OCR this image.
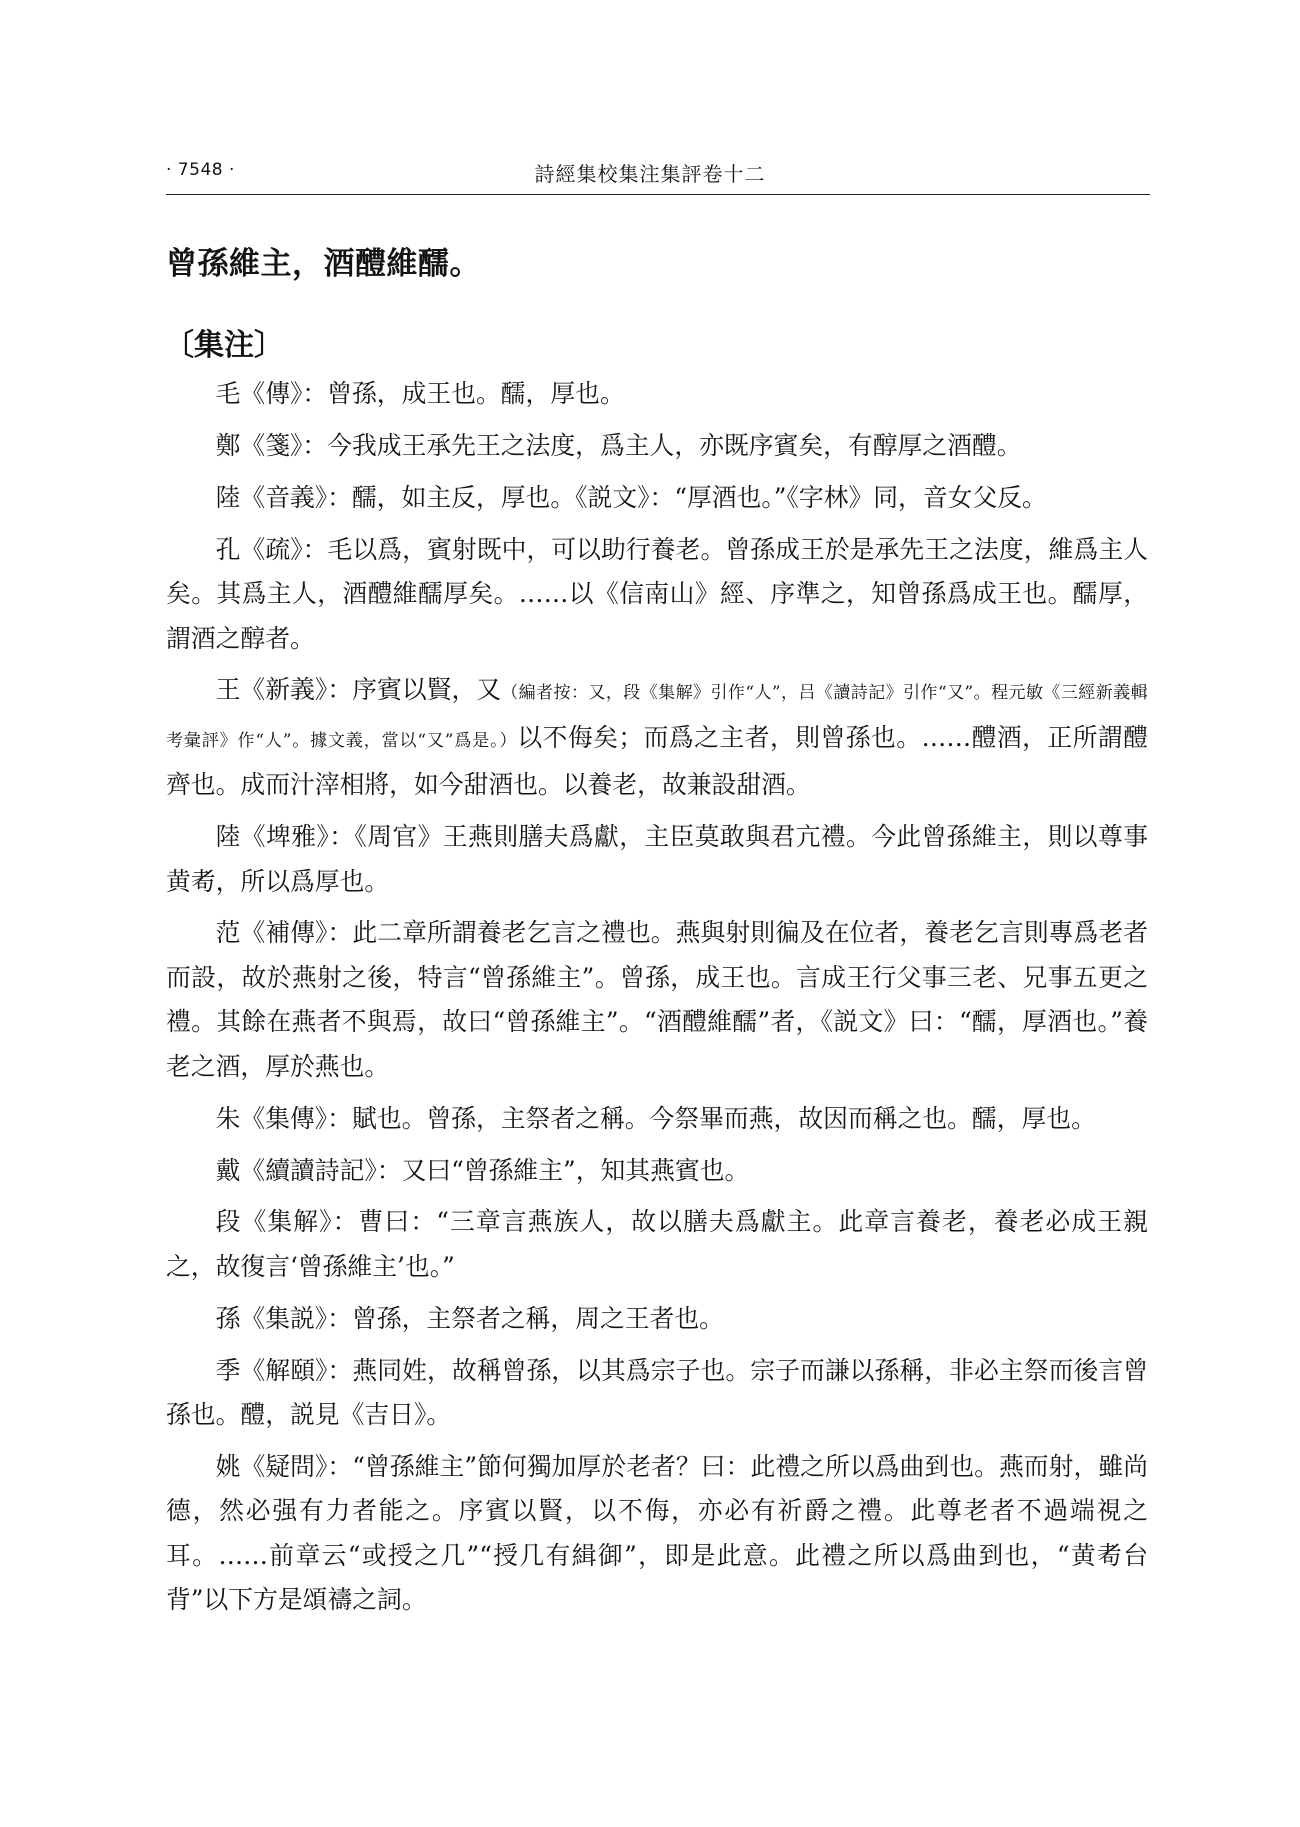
· 7548 ·	詩經集校集注集評卷十二
曾孫維主，酒醴維醹。
〔集注〕

毛《傳》：曾孫，成王也。醹，厚也。

鄭《箋》：今我成王承先王之法度，爲主人，亦既序賓矣，有醇厚之酒醴。

陸《音義》：醹，如主反，厚也。《説文》：“厚酒也。”《字林》同，音女父反。

孔《疏》：毛以爲，賓射既中，可以助行養老。曾孫成王於是承先王之法度，維爲主人矣。其爲主人，酒醴維醹厚矣。……以《信南山》經、序準之，知曾孫爲成王也。醹厚，謂酒之醇者。

王《新義》：序賓以賢，又（編者按：又，段《集解》引作“人”，吕《讀詩記》引作“又”。程元敏《三經新義輯考彙評》作“人”。據文義，當以“又”爲是。）以不侮矣；而爲之主者，則曾孫也。……醴酒，正所謂醴齊也。成而汁滓相將，如今甜酒也。以養老，故兼設甜酒。

陸《埤雅》：《周官》王燕則膳夫爲獻，主臣莫敢與君亢禮。今此曾孫維主，則以尊事黄耇，所以爲厚也。

范《補傳》：此二章所謂養老乞言之禮也。燕與射則徧及在位者，養老乞言則專爲老者而設，故於燕射之後，特言“曾孫維主”。曾孫，成王也。言成王行父事三老、兄事五更之禮。其餘在燕者不與焉，故曰“曾孫維主”。“酒醴維醹”者，《説文》曰：“醹，厚酒也。”養老之酒，厚於燕也。

朱《集傳》：賦也。曾孫，主祭者之稱。今祭畢而燕，故因而稱之也。醹，厚也。

戴《續讀詩記》：又曰“曾孫維主”，知其燕賓也。

段《集解》：曹曰：“三章言燕族人，故以膳夫爲獻主。此章言養老，養老必成王親之，故復言‘曾孫維主’也。”

孫《集説》：曾孫，主祭者之稱，周之王者也。

季《解頤》：燕同姓，故稱曾孫，以其爲宗子也。宗子而謙以孫稱，非必主祭而後言曾孫也。醴，説見《吉日》。

姚《疑問》：“曾孫維主”節何獨加厚於老者？曰：此禮之所以爲曲到也。燕而射，雖尚德，然必强有力者能之。序賓以賢，以不侮，亦必有祈爵之禮。此尊老者不過端視之耳。……前章云“或授之几”“授几有緝御”，即是此意。此禮之所以爲曲到也，“黄耇台背”以下方是頌禱之詞。
